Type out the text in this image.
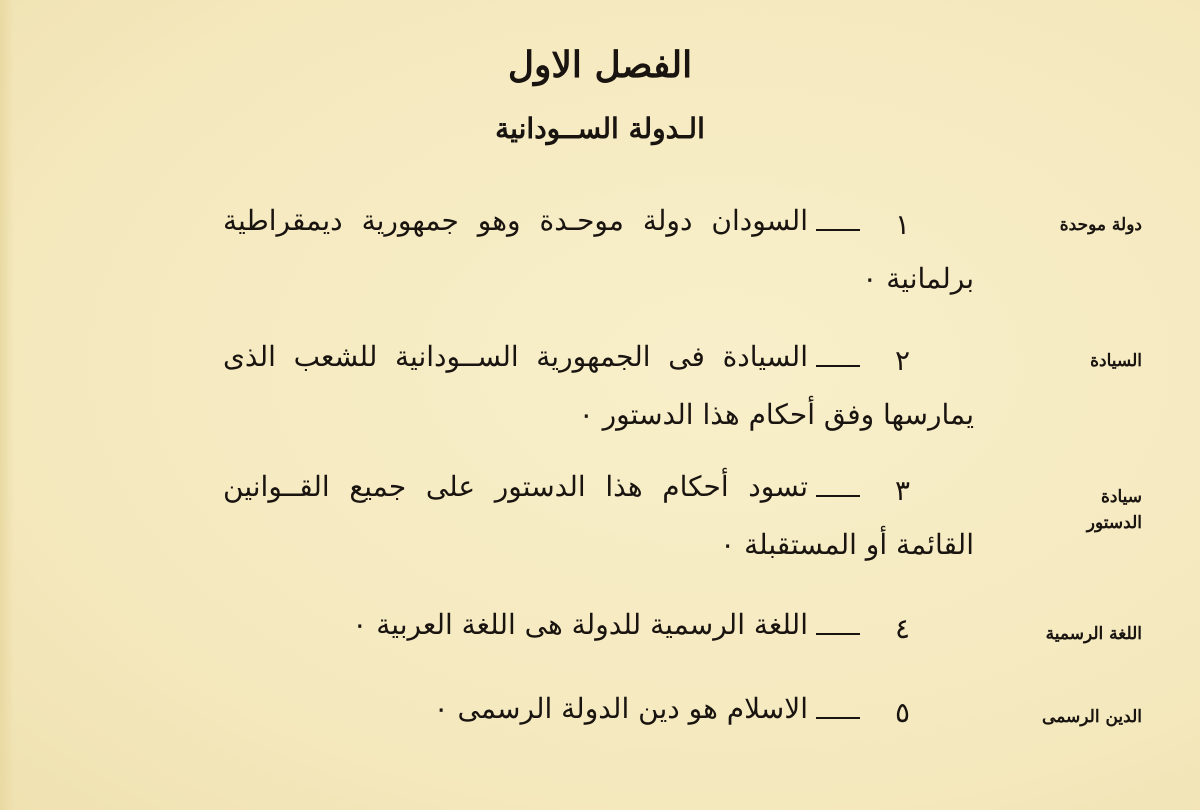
الفصل الاول
الـدولة الســودانية
دولة موحدة
١
السودان دولة موحـدة وهو جمهورية ديمقراطية
برلمانية ٠
السيادة
٢
السيادة فى الجمهورية الســودانية للشعب الذى
يمارسها وفق أحكام هذا الدستور ٠
سيادة الدستور
٣
تسود أحكام هذا الدستور على جميع القــوانين
القائمة أو المستقبلة ٠
اللغة الرسمية
٤
اللغة الرسمية للدولة هى اللغة العربية ٠
الدين الرسمى
٥
الاسلام هو دين الدولة الرسمى ٠
